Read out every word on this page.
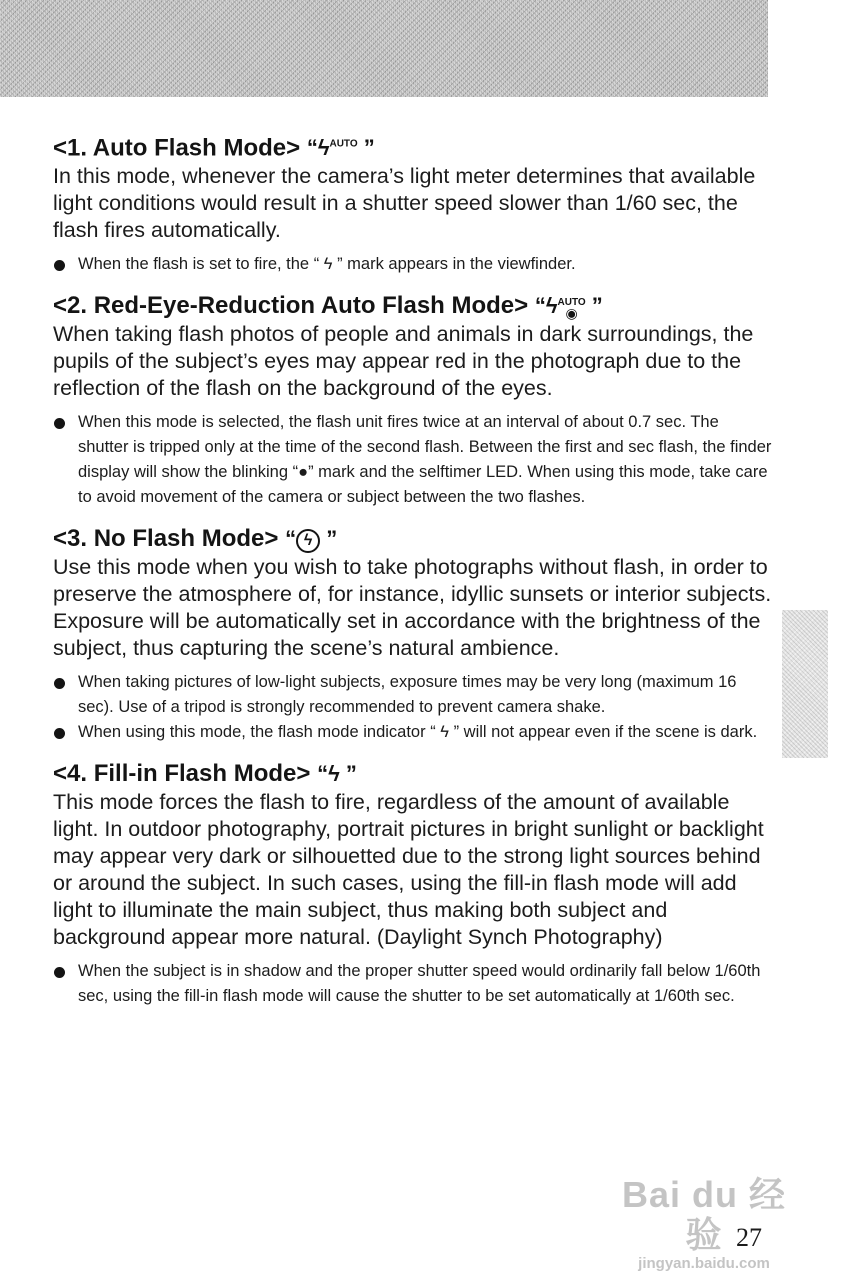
<1. Auto Flash Mode> “$ϟ^{AUTO}$ ”

In this mode, whenever the camera’s light meter determines that available light conditions would result in a shutter speed slower than 1/60 sec, the flash fires automatically.

When the flash is set to fire, the “ ϟ ” mark appears in the viewfinder.
<2. Red-Eye-Reduction Auto Flash Mode> “ϟ AUTO
◉ ”

When taking flash photos of people and animals in dark surroundings, the pupils of the subject’s eyes may appear red in the photograph due to the reflection of the flash on the background of the eyes.

When this mode is selected, the flash unit fires twice at an interval of about 0.7 sec. The shutter is tripped only at the time of the second flash. Between the first and sec flash, the finder display will show the blinking “●” mark and the selftimer LED. When using this mode, take care to avoid movement of the camera or subject between the two flashes.
<3. No Flash Mode> “ ϟ ”

Use this mode when you wish to take photographs without flash, in order to preserve the atmosphere of, for instance, idyllic sunsets or interior subjects. Exposure will be automatically set in accordance with the brightness of the subject, thus capturing the scene’s natural ambience.

When taking pictures of low-light subjects, exposure times may be very long (maximum 16 sec). Use of a tripod is strongly recommended to prevent camera shake.
When using this mode, the flash mode indicator “ ϟ ” will not appear even if the scene is dark.
<4. Fill-in Flash Mode> “ϟ ”

This mode forces the flash to fire, regardless of the amount of available light. In outdoor photography, portrait pictures in bright sunlight or backlight may appear very dark or silhouetted due to the strong light sources behind or around the subject. In such cases, using the fill-in flash mode will add light to illuminate the main subject, thus making both subject and background appear more natural. (Daylight Synch Photography)

When the subject is in shadow and the proper shutter speed would ordinarily fall below 1/60th sec, using the fill-in flash mode will cause the shutter to be set automatically at 1/60th sec.
Bai du 经验
jingyan.baidu.com
27
